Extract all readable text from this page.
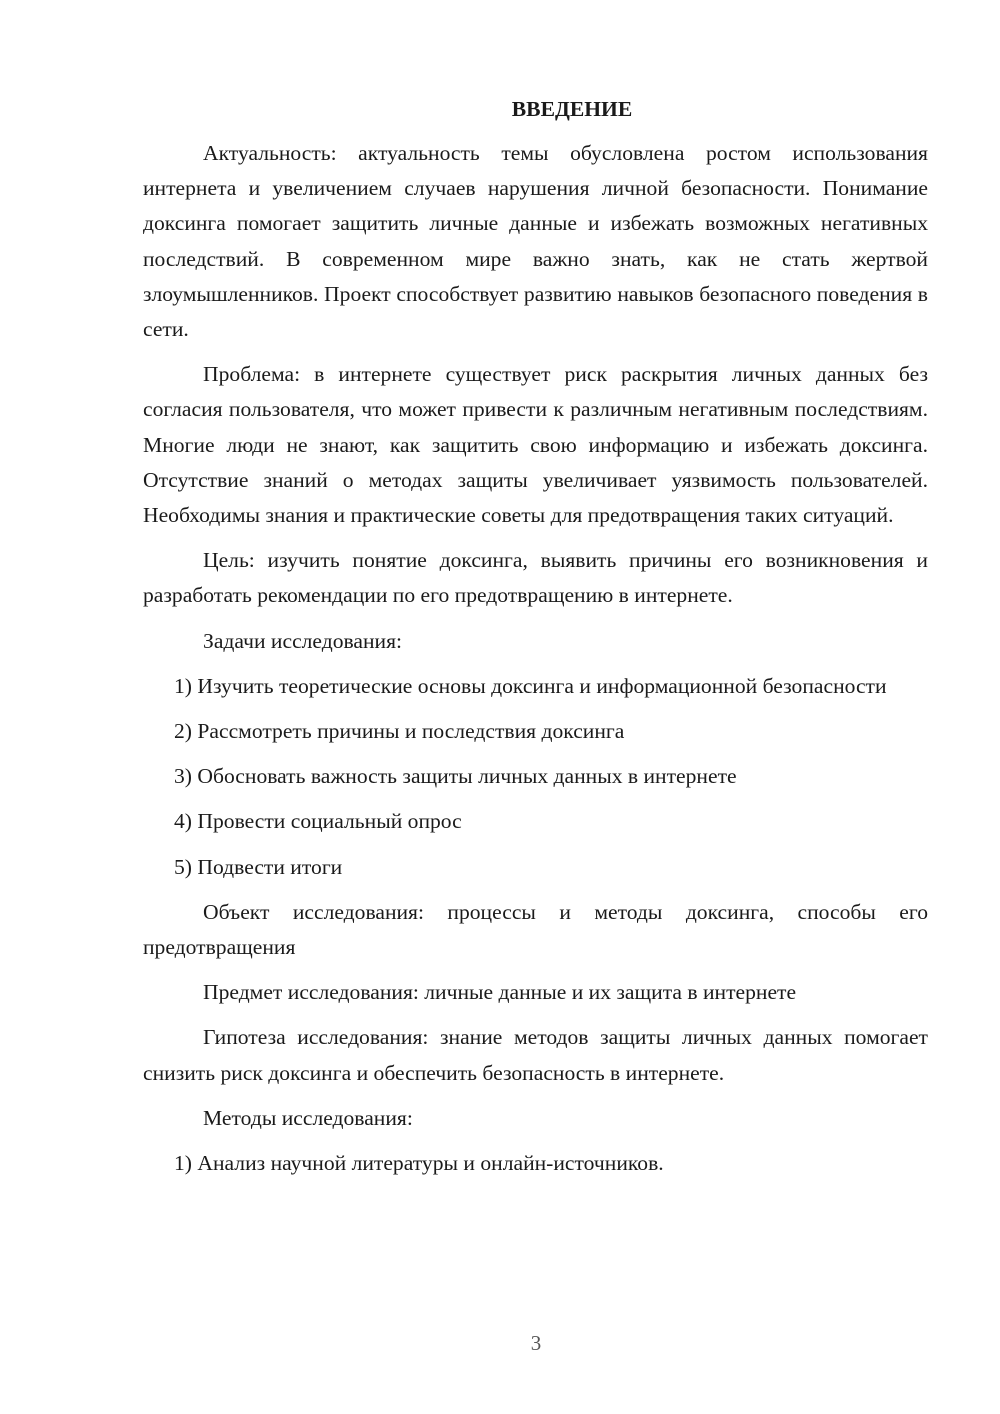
ВВЕДЕНИЕ

Актуальность: актуальность темы обусловлена ростом использования интернета и увеличением случаев нарушения личной безопасности. Понимание доксинга помогает защитить личные данные и избежать возможных негативных последствий. В современном мире важно знать, как не стать жертвой злоумышленников. Проект способствует развитию навыков безопасного поведения в сети.

Проблема: в интернете существует риск раскрытия личных данных без согласия пользователя, что может привести к различным негативным последствиям. Многие люди не знают, как защитить свою информацию и избежать доксинга. Отсутствие знаний о методах защиты увеличивает уязвимость пользователей. Необходимы знания и практические советы для предотвращения таких ситуаций.

Цель: изучить понятие доксинга, выявить причины его возникновения и разработать рекомендации по его предотвращению в интернете.

Задачи исследования:

1) Изучить теоретические основы доксинга и информационной безопасности

2) Рассмотреть причины и последствия доксинга

3) Обосновать важность защиты личных данных в интернете

4) Провести социальный опрос

5) Подвести итоги

Объект исследования: процессы и методы доксинга, способы его предотвращения

Предмет исследования: личные данные и их защита в интернете

Гипотеза исследования: знание методов защиты личных данных помогает снизить риск доксинга и обеспечить безопасность в интернете.

Методы исследования:

1) Анализ научной литературы и онлайн-источников.

3
